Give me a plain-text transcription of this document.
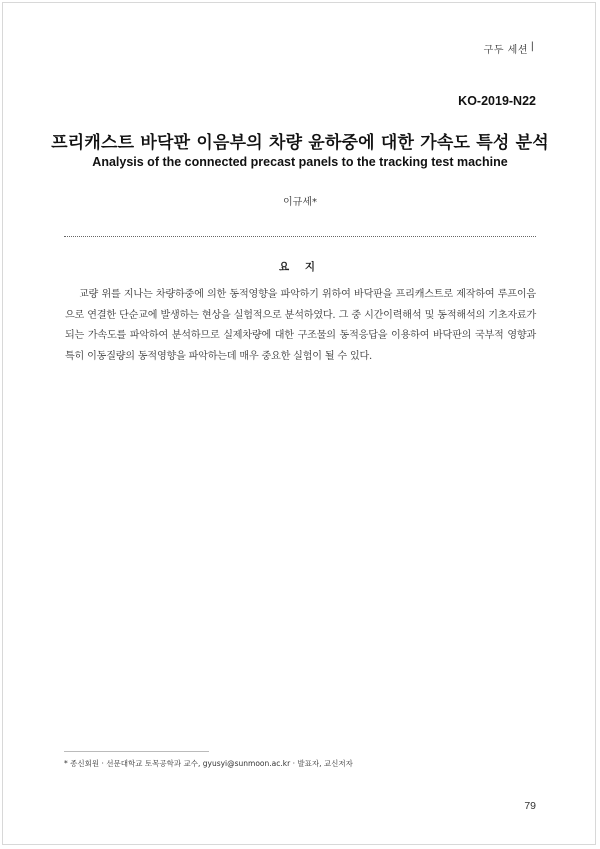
구두 세션 |
KO-2019-N22
프리캐스트 바닥판 이음부의 차량 윤하중에 대한 가속도 특성 분석
Analysis of the connected precast panels to the tracking test machine
이규세*
요 지
교량 위를 지나는 차량하중에 의한 동적영향을 파악하기 위하여 바닥판을 프리캐스트로 제작하여 루프이음으로 연결한 단순교에 발생하는 현상을 실험적으로 분석하였다. 그 중 시간이력해석 및 동적해석의 기초자료가 되는 가속도를 파악하여 분석하므로 실제차량에 대한 구조물의 동적응답을 이용하여 바닥판의 국부적 영향과 특히 이동질량의 동적영향을 파악하는데 매우 중요한 실험이 될 수 있다.
* 종신회원 · 선문대학교 토목공학과 교수, gyusyi@sunmoon.ac.kr · 발표자, 교신저자
79
